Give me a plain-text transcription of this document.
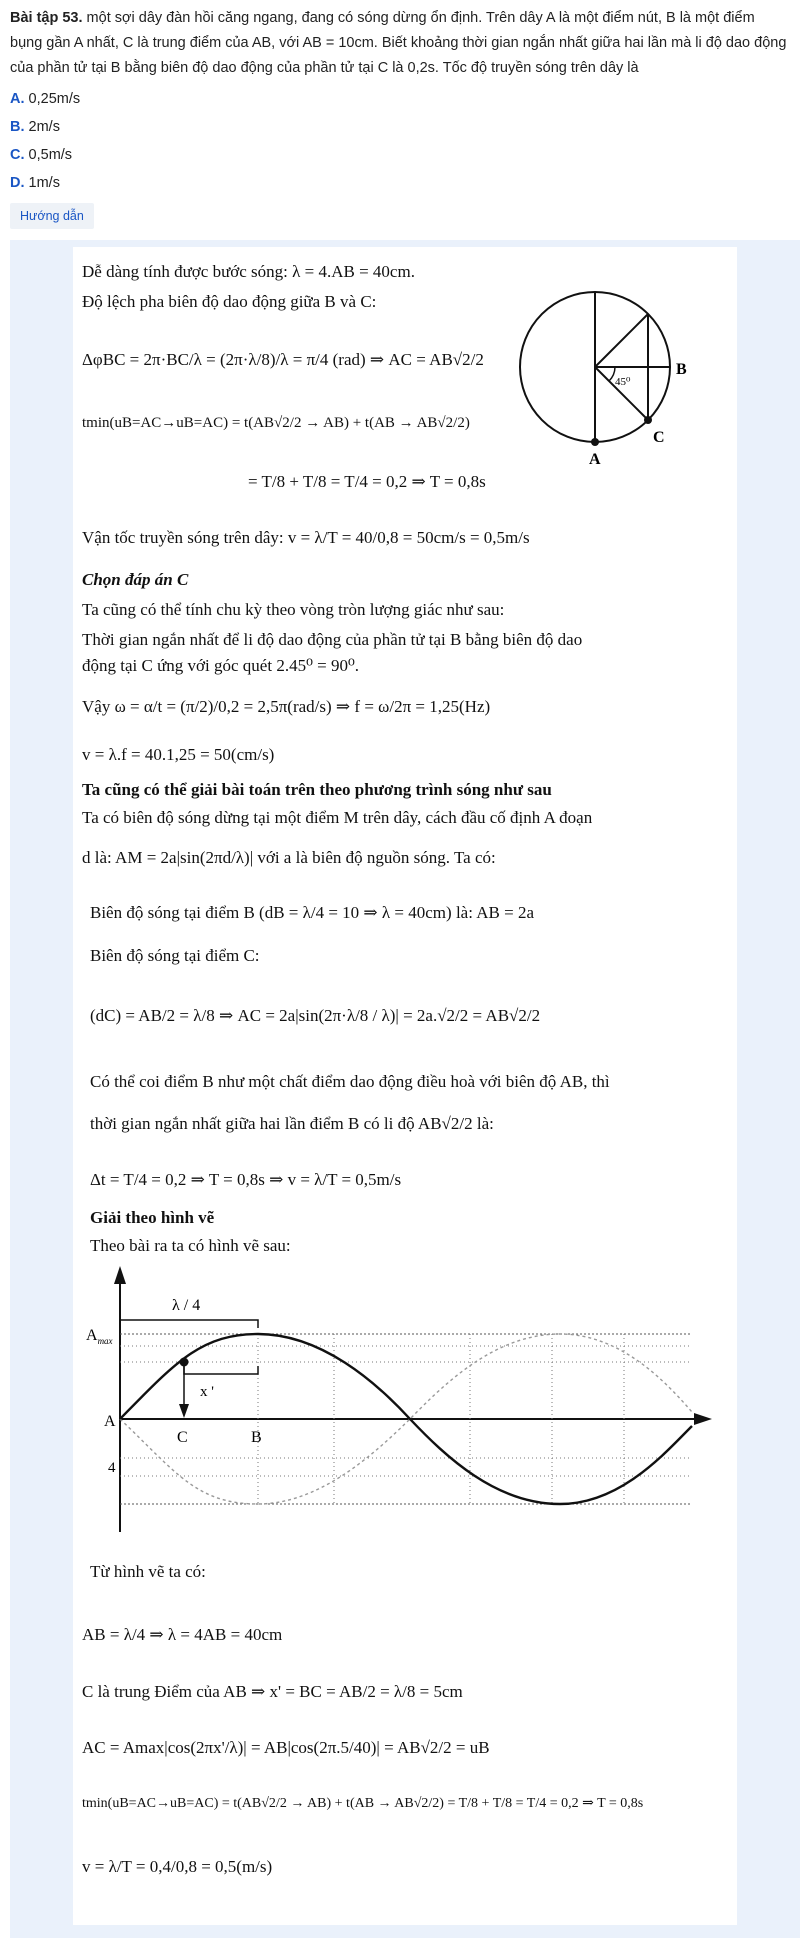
Bài tập 53. một sợi dây đàn hồi căng ngang, đang có sóng dừng ổn định. Trên dây A là một điểm nút, B là một điểm bụng gần A nhất, C là trung điểm của AB, với AB = 10cm. Biết khoảng thời gian ngắn nhất giữa hai lần mà li độ dao động của phần tử tại B bằng biên độ dao động của phần tử tại C là 0,2s. Tốc độ truyền sóng trên dây là
A. 0,25m/s
B. 2m/s
C. 0,5m/s
D. 1m/s
Hướng dẫn
Dễ dàng tính được bước sóng: λ = 4.AB = 40cm.
Độ lệch pha biên độ dao động giữa B và C:
ΔφBC = 2π·BC/λ = (2π·λ/8)/λ = π/4 (rad) ⇒ AC = AB√2/2
tmin(uB=AC→uB=AC) = t(AB√2/2 → AB) + t(AB → AB√2/2)
= T/8 + T/8 = T/4 = 0,2 ⇒ T = 0,8s
Vận tốc truyền sóng trên dây: v = λ/T = 40/0,8 = 50cm/s = 0,5m/s
Chọn đáp án C
Ta cũng có thể tính chu kỳ theo vòng tròn lượng giác như sau:
Thời gian ngắn nhất để li độ dao động của phần tử tại B bằng biên độ dao
động tại C ứng với góc quét 2.45⁰ = 90⁰.
Vậy ω = α/t = (π/2)/0,2 = 2,5π(rad/s) ⇒ f = ω/2π = 1,25(Hz)
v = λ.f = 40.1,25 = 50(cm/s)
Ta cũng có thể giải bài toán trên theo phương trình sóng như sau
Ta có biên độ sóng dừng tại một điểm M trên dây, cách đầu cố định A đoạn
d là: AM = 2a|sin(2πd/λ)| với a là biên độ nguồn sóng. Ta có:
Biên độ sóng tại điểm B (dB = λ/4 = 10 ⇒ λ = 40cm) là: AB = 2a
Biên độ sóng tại điểm C:
(dC) = AB/2 = λ/8 ⇒ AC = 2a|sin(2π·λ/8 / λ)| = 2a.√2/2 = AB√2/2
Có thể coi điểm B như một chất điểm dao động điều hoà với biên độ AB, thì
thời gian ngắn nhất giữa hai lần điểm B có li độ AB√2/2 là:
Δt = T/4 = 0,2 ⇒ T = 0,8s ⇒ v = λ/T = 0,5m/s
Giải theo hình vẽ
Theo bài ra ta có hình vẽ sau:
45⁰
B
C
A
λ / 4
x '
$A_{max}$
A
C	B
4
Từ hình vẽ ta có:
AB = λ/4 ⇒ λ = 4AB = 40cm
C là trung Điểm của AB ⇒ x' = BC = AB/2 = λ/8 = 5cm
AC = Amax|cos(2πx'/λ)| = AB|cos(2π.5/40)| = AB√2/2 = uB
tmin(uB=AC→uB=AC) = t(AB√2/2 → AB) + t(AB → AB√2/2) = T/8 + T/8 = T/4 = 0,2 ⇒ T = 0,8s
v = λ/T = 0,4/0,8 = 0,5(m/s)
